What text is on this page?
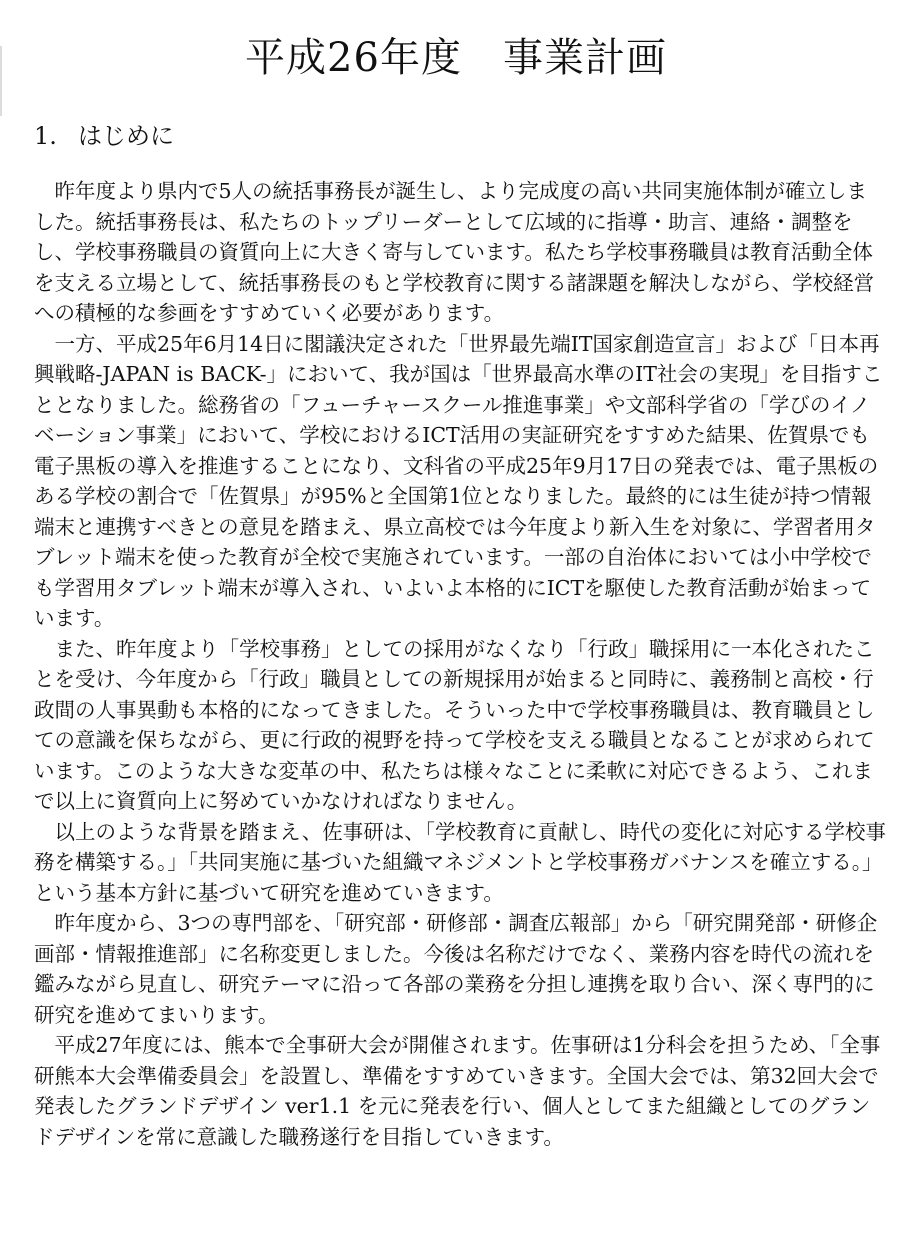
平成26年度　事業計画
1. はじめに

昨年度より県内で5人の統括事務長が誕生し、より完成度の高い共同実施体制が確立しました。統括事務長は、私たちのトップリーダーとして広域的に指導・助言、連絡・調整をし、学校事務職員の資質向上に大きく寄与しています。私たち学校事務職員は教育活動全体を支える立場として、統括事務長のもと学校教育に関する諸課題を解決しながら、学校経営への積極的な参画をすすめていく必要があります。

一方、平成25年6月14日に閣議決定された「世界最先端IT国家創造宣言」および「日本再興戦略-JAPAN is BACK-」において、我が国は「世界最高水準のIT社会の実現」を目指すこととなりました。総務省の「フューチャースクール推進事業」や文部科学省の「学びのイノベーション事業」において、学校におけるICT活用の実証研究をすすめた結果、佐賀県でも電子黒板の導入を推進することになり、文科省の平成25年9月17日の発表では、電子黒板のある学校の割合で「佐賀県」が95%と全国第1位となりました。最終的には生徒が持つ情報端末と連携すべきとの意見を踏まえ、県立高校では今年度より新入生を対象に、学習者用タブレット端末を使った教育が全校で実施されています。一部の自治体においては小中学校でも学習用タブレット端末が導入され、いよいよ本格的にICTを駆使した教育活動が始まっています。

また、昨年度より「学校事務」としての採用がなくなり「行政」職採用に一本化されたことを受け、今年度から「行政」職員としての新規採用が始まると同時に、義務制と高校・行政間の人事異動も本格的になってきました。そういった中で学校事務職員は、教育職員としての意識を保ちながら、更に行政的視野を持って学校を支える職員となることが求められています。このような大きな変革の中、私たちは様々なことに柔軟に対応できるよう、これまで以上に資質向上に努めていかなければなりません。

以上のような背景を踏まえ、佐事研は、「学校教育に貢献し、時代の変化に対応する学校事務を構築する。」「共同実施に基づいた組織マネジメントと学校事務ガバナンスを確立する。」という基本方針に基づいて研究を進めていきます。

昨年度から、3つの専門部を、「研究部・研修部・調査広報部」から「研究開発部・研修企画部・情報推進部」に名称変更しました。今後は名称だけでなく、業務内容を時代の流れを鑑みながら見直し、研究テーマに沿って各部の業務を分担し連携を取り合い、深く専門的に研究を進めてまいります。

平成27年度には、熊本で全事研大会が開催されます。佐事研は1分科会を担うため、「全事研熊本大会準備委員会」を設置し、準備をすすめていきます。全国大会では、第32回大会で発表したグランドデザイン ver1.1 を元に発表を行い、個人としてまた組織としてのグランドデザインを常に意識した職務遂行を目指していきます。
